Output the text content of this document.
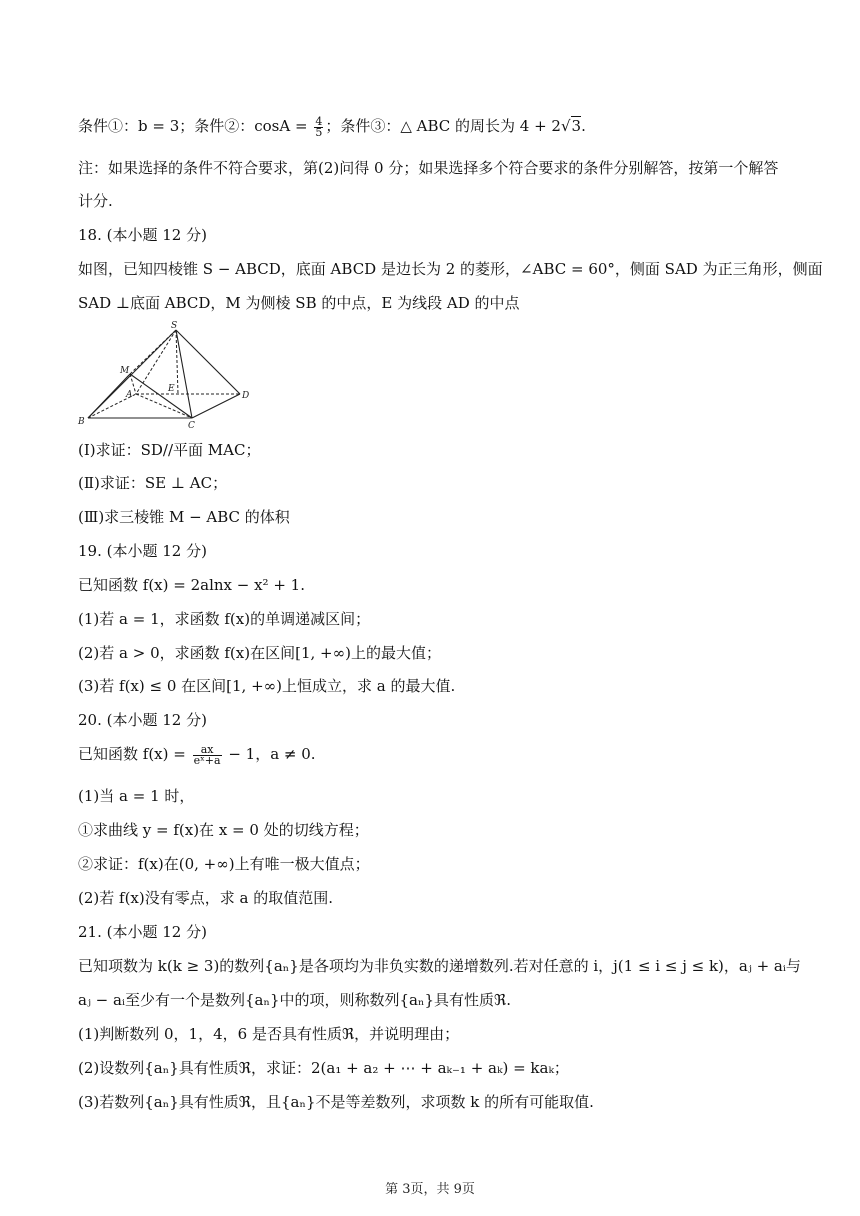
条件①：b = 3；条件②：$\cos A = \frac{4}{5}$ ；条件③：△ ABC 的周长为 4 + 2√3.
注：如果选择的条件不符合要求，第(2)问得 0 分；如果选择多个符合要求的条件分别解答，按第一个解答
计分.
18. (本小题 12 分)
如图，已知四棱锥 S − ABCD，底面 ABCD 是边长为 2 的菱形，∠ABC = 60°，侧面 SAD 为正三角形，侧面
SAD ⊥底面 ABCD，M 为侧棱 SB 的中点，E 为线段 AD 的中点
S
M
A
E
D
B	C
(Ⅰ)求证：SD//平面 MAC；
(Ⅱ)求证：SE ⊥ AC；
(Ⅲ)求三棱锥 M − ABC 的体积
19. (本小题 12 分)
已知函数 f(x) = 2alnx − x² + 1.
(1)若 a = 1，求函数 f(x)的单调递减区间；
(2)若 a > 0，求函数 f(x)在区间[1, +∞)上的最大值；
(3)若 f(x) ≤ 0 在区间[1, +∞)上恒成立，求 a 的最大值.
20. (本小题 12 分)
已知函数 $f(x) = \frac{ax}{\text{eˣ+a}} - 1$，a ≠ 0.
(1)当 a = 1 时，
①求曲线 y = f(x)在 x = 0 处的切线方程；
②求证：f(x)在(0, +∞)上有唯一极大值点；
(2)若 f(x)没有零点，求 a 的取值范围.
21. (本小题 12 分)
已知项数为 k(k ≥ 3)的数列{aₙ}是各项均为非负实数的递增数列.若对任意的 i，j(1 ≤ i ≤ j ≤ k)，aⱼ + aᵢ与
aⱼ − aᵢ至少有一个是数列{aₙ}中的项，则称数列{aₙ}具有性质ℜ.
(1)判断数列 0，1，4，6 是否具有性质ℜ，并说明理由；
(2)设数列{aₙ}具有性质ℜ，求证：2(a₁ + a₂ + ⋯ + aₖ₋₁ + aₖ) = kaₖ；
(3)若数列{aₙ}具有性质ℜ，且{aₙ}不是等差数列，求项数 k 的所有可能取值.
第 3页，共 9页
